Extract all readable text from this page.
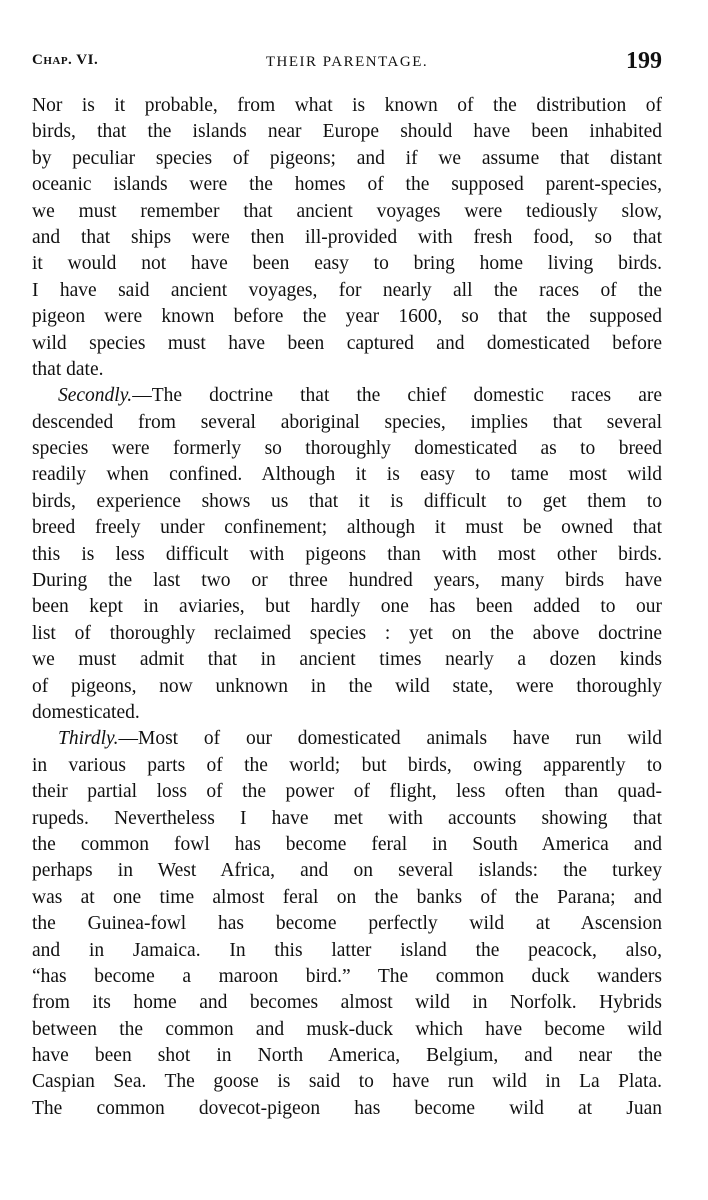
Chap. VI.	THEIR PARENTAGE.	199
Nor is it probable, from what is known of the distribution of
birds, that the islands near Europe should have been inhabited
by peculiar species of pigeons; and if we assume that distant
oceanic islands were the homes of the supposed parent-species,
we must remember that ancient voyages were tediously slow,
and that ships were then ill-provided with fresh food, so that
it would not have been easy to bring home living birds.
I have said ancient voyages, for nearly all the races of the
pigeon were known before the year 1600, so that the supposed
wild species must have been captured and domesticated before
that date.
Secondly.—The doctrine that the chief domestic races are
descended from several aboriginal species, implies that several
species were formerly so thoroughly domesticated as to breed
readily when confined. Although it is easy to tame most wild
birds, experience shows us that it is difficult to get them to
breed freely under confinement; although it must be owned that
this is less difficult with pigeons than with most other birds.
During the last two or three hundred years, many birds have
been kept in aviaries, but hardly one has been added to our
list of thoroughly reclaimed species : yet on the above doctrine
we must admit that in ancient times nearly a dozen kinds
of pigeons, now unknown in the wild state, were thoroughly
domesticated.
Thirdly.—Most of our domesticated animals have run wild
in various parts of the world; but birds, owing apparently to
their partial loss of the power of flight, less often than quad-
rupeds. Nevertheless I have met with accounts showing that
the common fowl has become feral in South America and
perhaps in West Africa, and on several islands: the turkey
was at one time almost feral on the banks of the Parana; and
the Guinea-fowl has become perfectly wild at Ascension
and in Jamaica. In this latter island the peacock, also,
“has become a maroon bird.” The common duck wanders
from its home and becomes almost wild in Norfolk. Hybrids
between the common and musk-duck which have become wild
have been shot in North America, Belgium, and near the
Caspian Sea. The goose is said to have run wild in La Plata.
The common dovecot-pigeon has become wild at Juan
